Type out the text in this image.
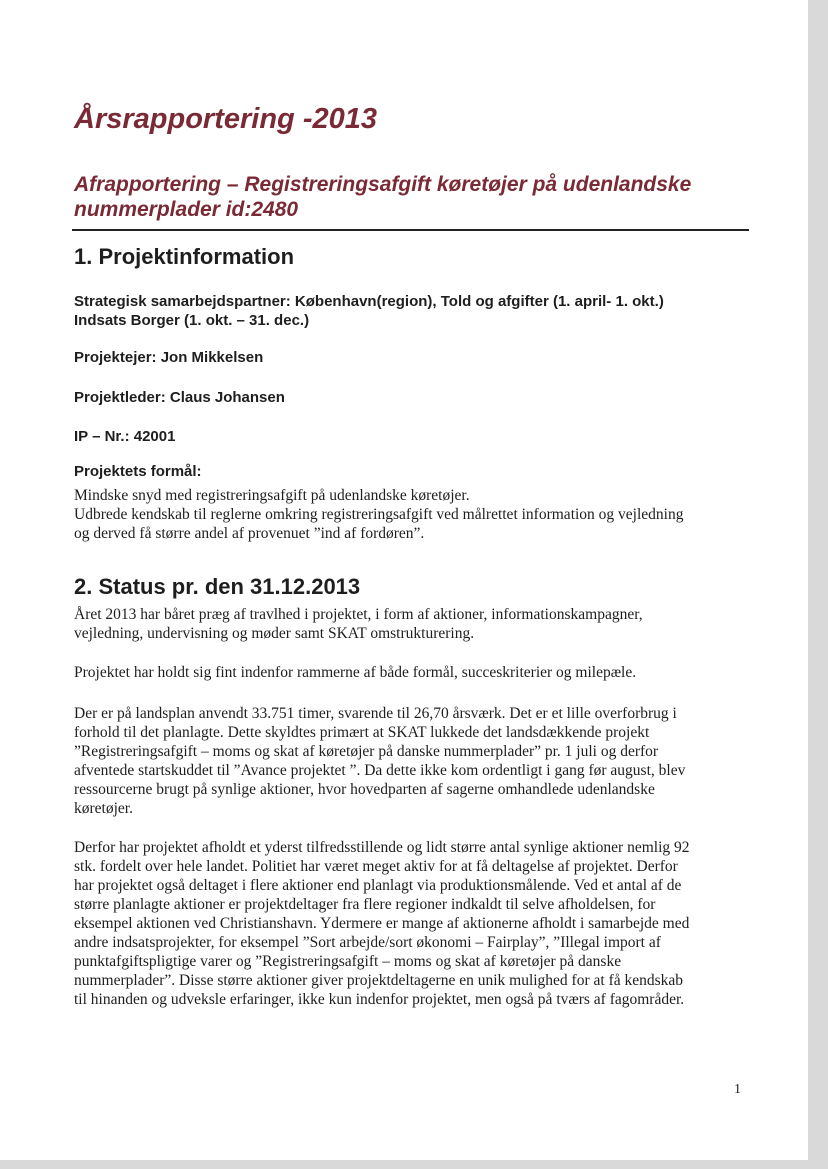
Årsrapportering -2013
Afrapportering – Registreringsafgift køretøjer på udenlandske nummerplader id:2480
1. Projektinformation
Strategisk samarbejdspartner: København(region), Told og afgifter (1. april- 1. okt.)
Indsats Borger (1. okt. – 31. dec.)
Projektejer: Jon Mikkelsen
Projektleder: Claus Johansen
IP – Nr.: 42001
Projektets formål:
Mindske snyd med registreringsafgift på udenlandske køretøjer.
Udbrede kendskab til reglerne omkring registreringsafgift ved målrettet information og vejledning
og derved få større andel af provenuet ”ind af fordøren”.
2. Status pr. den 31.12.2013
Året 2013 har båret præg af travlhed i projektet, i form af aktioner, informationskampagner,
vejledning, undervisning og møder samt SKAT omstrukturering.
Projektet har holdt sig fint indenfor rammerne af både formål, succeskriterier og milepæle.
Der er på landsplan anvendt 33.751 timer, svarende til 26,70 årsværk. Det er et lille overforbrug i
forhold til det planlagte. Dette skyldtes primært at SKAT lukkede det landsdækkende projekt
”Registreringsafgift – moms og skat af køretøjer på danske nummerplader” pr. 1 juli og derfor
afventede startskuddet til ”Avance projektet ”. Da dette ikke kom ordentligt i gang før august, blev
ressourcerne brugt på synlige aktioner, hvor hovedparten af sagerne omhandlede udenlandske
køretøjer.
Derfor har projektet afholdt et yderst tilfredsstillende og lidt større antal synlige aktioner nemlig 92
stk. fordelt over hele landet. Politiet har været meget aktiv for at få deltagelse af projektet. Derfor
har projektet også deltaget i flere aktioner end planlagt via produktionsmålende. Ved et antal af de
større planlagte aktioner er projektdeltager fra flere regioner indkaldt til selve afholdelsen, for
eksempel aktionen ved Christianshavn. Ydermere er mange af aktionerne afholdt i samarbejde med
andre indsatsprojekter, for eksempel ”Sort arbejde/sort økonomi – Fairplay”, ”Illegal import af
punktafgiftspligtige varer og ”Registreringsafgift – moms og skat af køretøjer på danske
nummerplader”. Disse større aktioner giver projektdeltagerne en unik mulighed for at få kendskab
til hinanden og udveksle erfaringer, ikke kun indenfor projektet, men også på tværs af fagområder.
1
